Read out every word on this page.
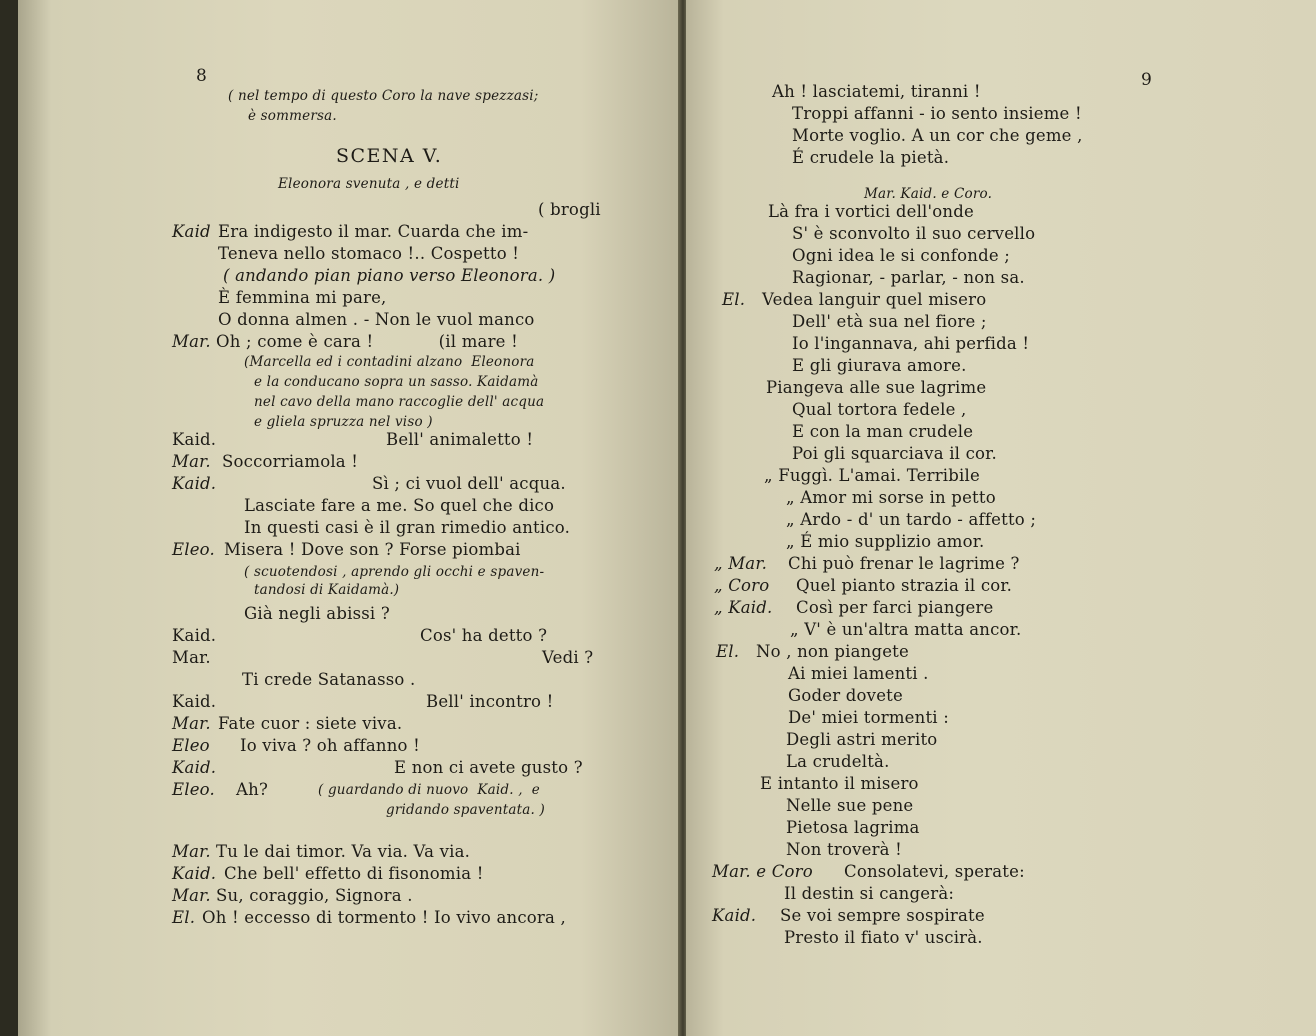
8
( nel tempo di questo Coro la nave spezzasi;
è sommersa.
SCENA V.
Eleonora svenuta , e detti
( brogli
Kaid Era indigesto il mar. Cuarda che im-
Teneva nello stomaco !.. Cospetto !
( andando pian piano verso Eleonora. )
È femmina mi pare,
O donna almen . - Non le vuol manco
Mar. Oh ; come è cara !            (il mare !
(Marcella ed i contadini alzano  Eleonora
e la conducano sopra un sasso. Kaidamà
nel cavo della mano raccoglie dell' acqua
e gliela spruzza nel viso )
Kaid.	Bell' animaletto !
Mar. Soccorriamola !
Kaid.	Sì ; ci vuol dell' acqua.
Lasciate fare a me. So quel che dico
In questi casi è il gran rimedio antico.
Eleo. Misera ! Dove son ? Forse piombai
( scuotendosi , aprendo gli occhi e spaven-
tandosi di Kaidamà.)
Già negli abissi ?
Kaid.	Cos' ha detto ?
Mar.	Vedi ?
Ti crede Satanasso .
Kaid.	Bell' incontro !
Mar. Fate cuor : siete viva.
Eleo Io viva ? oh affanno !
Kaid.	E non ci avete gusto ?
Eleo. Ah?	( guardando di nuovo  Kaid. ,  e
gridando spaventata. )
Mar. Tu le dai timor. Va via. Va via.
Kaid. Che bell' effetto di fisonomia !
Mar. Su, coraggio, Signora .
El. Oh ! eccesso di tormento ! Io vivo ancora ,
9
Ah ! lasciatemi, tiranni !
Troppi affanni - io sento insieme !
Morte voglio. A un cor che geme ,
É crudele la pietà.
Mar. Kaid. e Coro.
Là fra i vortici dell'onde
S' è sconvolto il suo cervello
Ogni idea le si confonde ;
Ragionar, - parlar, - non sa.
El. Vedea languir quel misero
Dell' età sua nel fiore ;
Io l'ingannava, ahi perfida !
E gli giurava amore.
Piangeva alle sue lagrime
Qual tortora fedele ,
E con la man crudele
Poi gli squarciava il cor.
„ Fuggì. L'amai. Terribile
„ Amor mi sorse in petto
„ Ardo - d' un tardo - affetto ;
„ É mio supplizio amor.
„ Mar. Chi può frenar le lagrime ?
„ Coro Quel pianto strazia il cor.
„ Kaid. Così per farci piangere
„ V' è un'altra matta ancor.
El. No , non piangete
Ai miei lamenti .
Goder dovete
De' miei tormenti :
Degli astri merito
La crudeltà.
E intanto il misero
Nelle sue pene
Pietosa lagrima
Non troverà !
Mar. e Coro Consolatevi, sperate:
Il destin si cangerà:
Kaid. Se voi sempre sospirate
Presto il fiato v' uscirà.
